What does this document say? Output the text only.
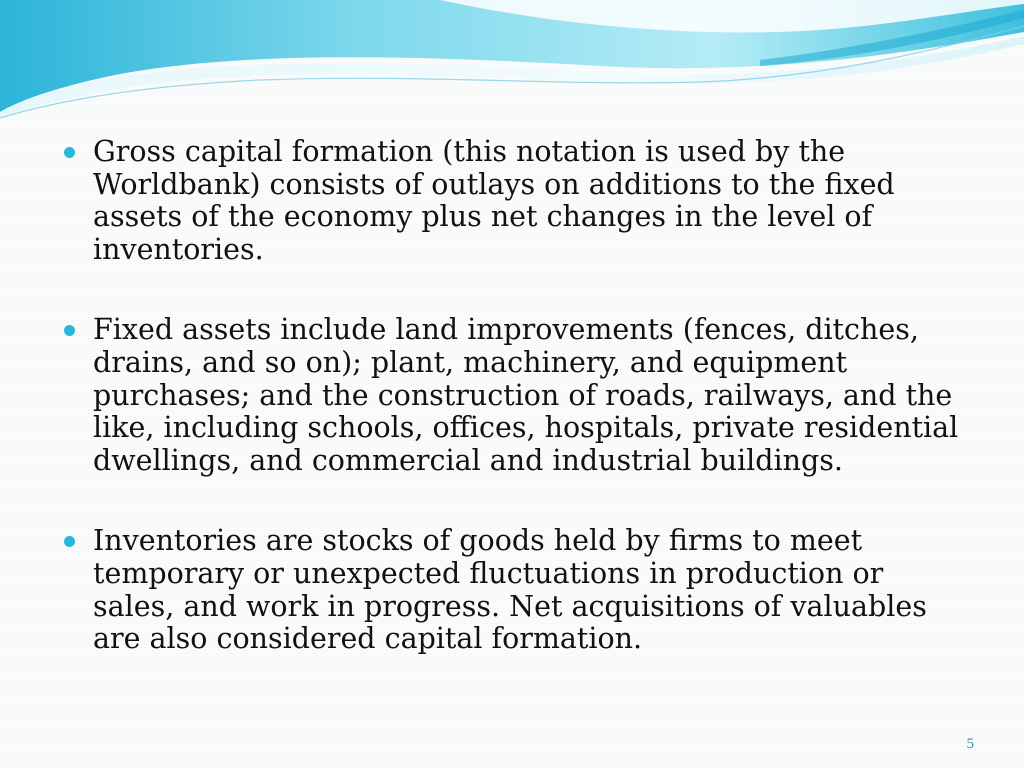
Gross capital formation (this notation is used by the Worldbank) consists of outlays on additions to the fixed assets of the economy plus net changes in the level of inventories.
Fixed assets include land improvements (fences, ditches, drains, and so on); plant, machinery, and equipment purchases; and the construction of roads, railways, and the like, including schools, offices, hospitals, private residential dwellings, and commercial and industrial buildings.
Inventories are stocks of goods held by firms to meet temporary or unexpected fluctuations in production or sales, and work in progress. Net acquisitions of valuables are also considered capital formation.
5
